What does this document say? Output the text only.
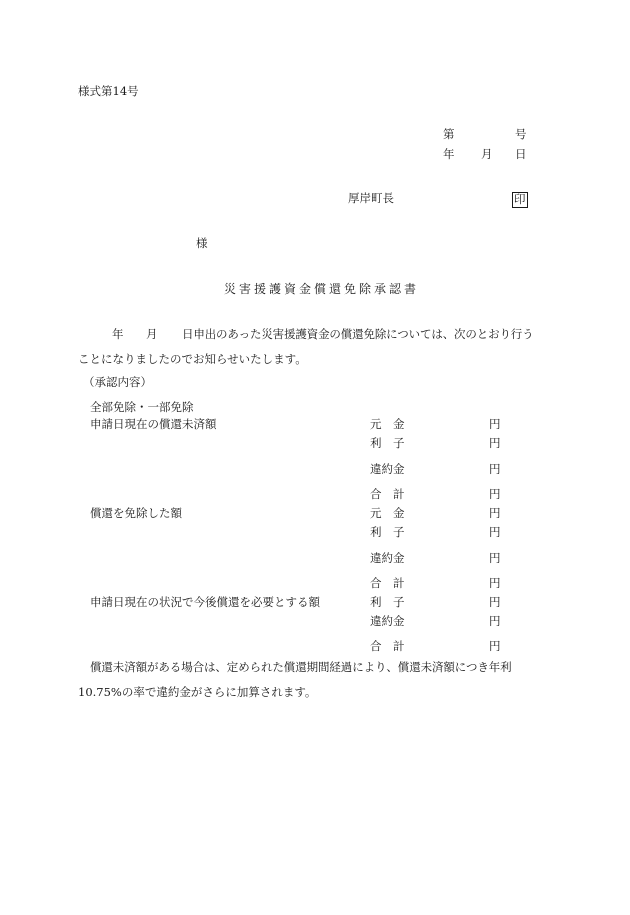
様式第14号
第	号
年 月 日
厚岸町長	印
様
災害援護資金償還免除承認書
年 月 日申出のあった災害援護資金の償還免除については、次のとおり行う
ことになりましたのでお知らせいたします。
（承認内容）
全部免除・一部免除
申請日現在の償還未済額	元　金	円
利　子	円
違約金	円
合　計	円
償還を免除した額	元　金	円
利　子	円
違約金	円
合　計	円
申請日現在の状況で今後償還を必要とする額	利　子	円
違約金	円
合　計	円
償還未済額がある場合は、定められた償還期間経過により、償還未済額につき年利
10.75%の率で違約金がさらに加算されます。
